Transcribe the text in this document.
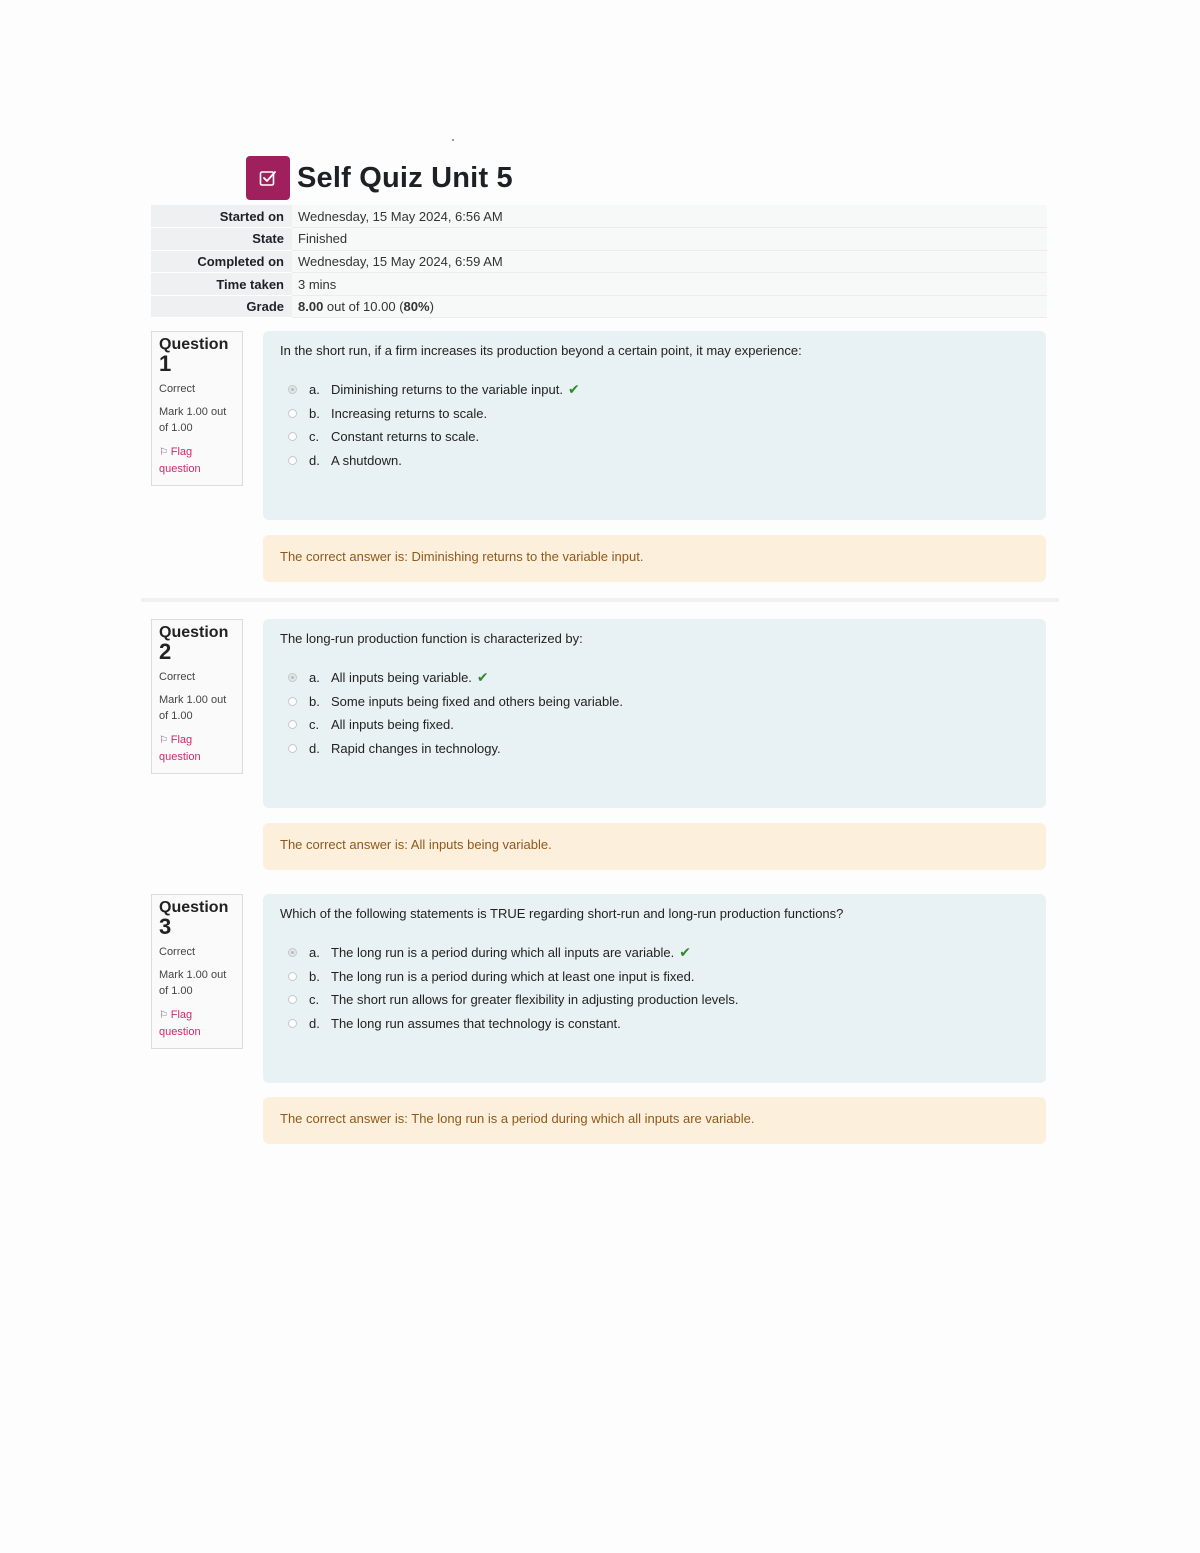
Self Quiz Unit 5
Started on	Wednesday, 15 May 2024, 6:56 AM
State	Finished
Completed on	Wednesday, 15 May 2024, 6:59 AM
Time taken	3 mins
Grade	8.00 out of 10.00 (80%)
Question
1
Correct
Mark 1.00 out of 1.00
⚐ Flag question
In the short run, if a firm increases its production beyond a certain point, it may experience:
a. Diminishing returns to the variable input. ✔
b. Increasing returns to scale.
c. Constant returns to scale.
d. A shutdown.
The correct answer is: Diminishing returns to the variable input.
Question
2
Correct
Mark 1.00 out of 1.00
⚐ Flag question
The long-run production function is characterized by:
a. All inputs being variable. ✔
b. Some inputs being fixed and others being variable.
c. All inputs being fixed.
d. Rapid changes in technology.
The correct answer is: All inputs being variable.
Question
3
Correct
Mark 1.00 out of 1.00
⚐ Flag question
Which of the following statements is TRUE regarding short-run and long-run production functions?
a. The long run is a period during which all inputs are variable. ✔
b. The long run is a period during which at least one input is fixed.
c. The short run allows for greater flexibility in adjusting production levels.
d. The long run assumes that technology is constant.
The correct answer is: The long run is a period during which all inputs are variable.
